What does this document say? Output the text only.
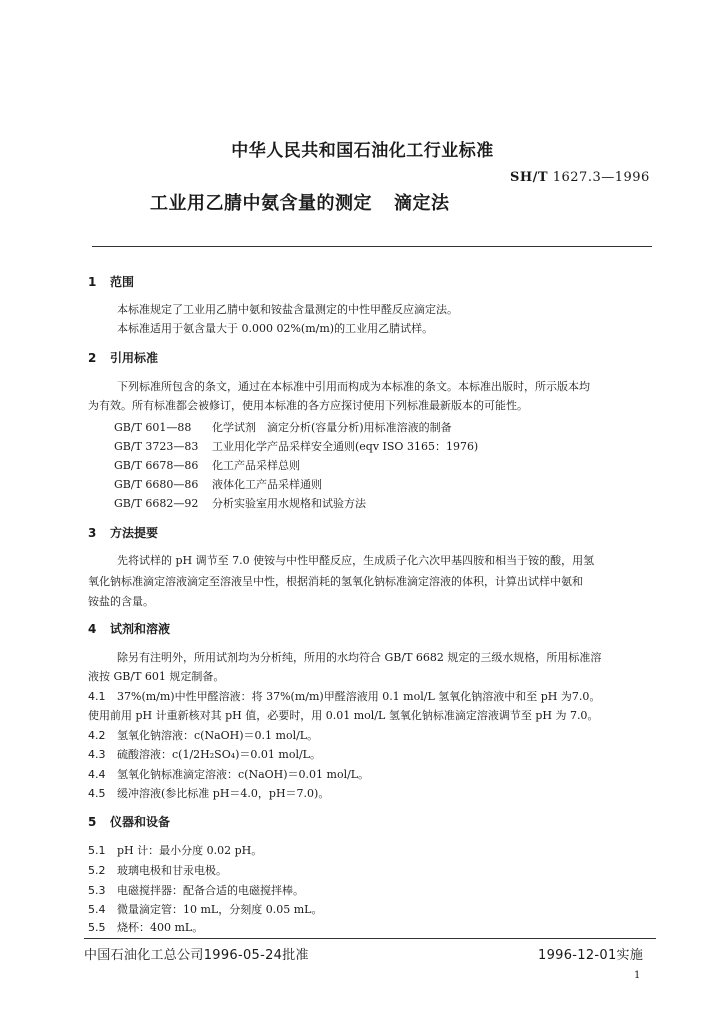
中华人民共和国石油化工行业标准
SH/T 1627.3—1996
工业用乙腈中氨含量的测定 滴定法
1 范围
本标准规定了工业用乙腈中氨和铵盐含量测定的中性甲醛反应滴定法。
本标准适用于氨含量大于 0.000 02%(m/m)的工业用乙腈试样。
2 引用标准
下列标准所包含的条文，通过在本标准中引用而构成为本标准的条文。本标准出版时，所示版本均
为有效。所有标准都会被修订，使用本标准的各方应探讨使用下列标准最新版本的可能性。
GB/T 601—88 化学试剂　滴定分析(容量分析)用标准溶液的制备
GB/T 3723—83 工业用化学产品采样安全通则(eqv ISO 3165：1976)
GB/T 6678—86 化工产品采样总则
GB/T 6680—86 液体化工产品采样通则
GB/T 6682—92 分析实验室用水规格和试验方法
3 方法提要
先将试样的 pH 调节至 7.0 使铵与中性甲醛反应，生成质子化六次甲基四胺和相当于铵的酸，用氢
氧化钠标准滴定溶液滴定至溶液呈中性，根据消耗的氢氧化钠标准滴定溶液的体积，计算出试样中氨和
铵盐的含量。
4 试剂和溶液
除另有注明外，所用试剂均为分析纯，所用的水均符合 GB/T 6682 规定的三级水规格，所用标准溶
液按 GB/T 601 规定制备。
4.1 37%(m/m)中性甲醛溶液：将 37%(m/m)甲醛溶液用 0.1 mol/L 氢氧化钠溶液中和至 pH 为7.0。
使用前用 pH 计重新核对其 pH 值，必要时，用 0.01 mol/L 氢氧化钠标准滴定溶液调节至 pH 为 7.0。
4.2 氢氧化钠溶液：c(NaOH)＝0.1 mol/L。
4.3 硫酸溶液：c(1/2H₂SO₄)＝0.01 mol/L。
4.4 氢氧化钠标准滴定溶液：c(NaOH)＝0.01 mol/L。
4.5 缓冲溶液(参比标准 pH＝4.0，pH＝7.0)。
5 仪器和设备
5.1 pH 计：最小分度 0.02 pH。
5.2 玻璃电极和甘汞电极。
5.3 电磁搅拌器：配备合适的电磁搅拌棒。
5.4 微量滴定管：10 mL，分刻度 0.05 mL。
5.5 烧杯：400 mL。
中国石油化工总公司1996-05-24批准	1996-12-01实施
1
